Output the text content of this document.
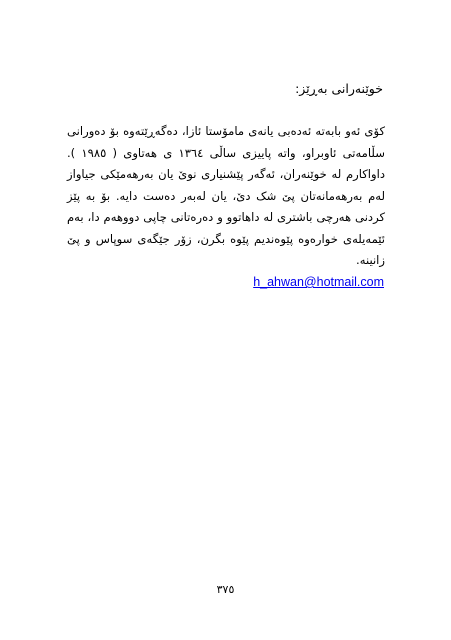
خوێنەرانی بەڕێز:
کۆی ئەو بابەتە ئەدەبی یانەی مامۆستا ئازا، دەگەڕێتەوە بۆ دەورانی
سڵامەتی ئاوبراو، واتە پاییزی ساڵی ١٣٦٤ ی هەتاوی ( ١٩٨٥ ).
داواکارم لە خوێنەران، ئەگەر پێشنیاری نوێ یان بەرهەمێکی جیاواز
لەم بەرهەمانەتان پێ شک دێ، یان لەبەر دەست دایە. بۆ بە پێز
کردنی هەرچی باشتری لە داهاتوو و دەرەتانی چاپی دووهەم دا، بەم
ئێمەیلەی خوارەوە پێوەندیم پێوە بگرن، زۆر جێگەی سوپاس و پێ
زانینە.
h_ahwan@hotmail.com
٣٧٥
